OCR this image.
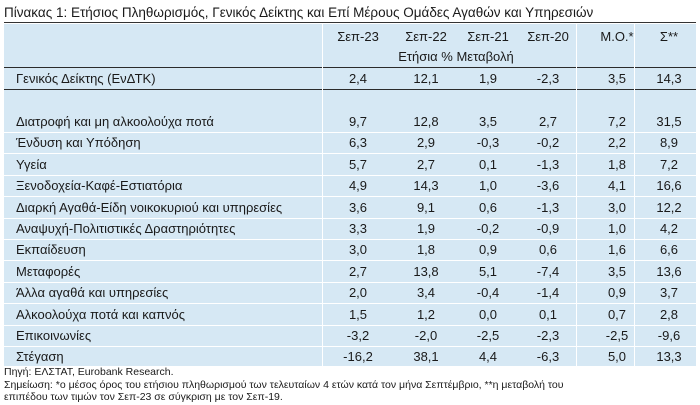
Πίνακας 1: Ετήσιος Πληθωρισμός, Γενικός Δείκτης και Επί Μέρους Ομάδες Αγαθών και Υπηρεσιών
Σεπ-23	Σεπ-22	Σεπ-21	Σεπ-20	Μ.Ο.*	Σ**
Ετήσια % Μεταβολή
Γενικός Δείκτης (ΕνΔΤΚ)	2,4	12,1	1,9	-2,3	3,5	14,3
Διατροφή και μη αλκοολούχα ποτά	9,7	12,8	3,5	2,7	7,2	31,5
Ένδυση και Υπόδηση	6,3	2,9	-0,3	-0,2	2,2	8,9
Υγεία	5,7	2,7	0,1	-1,3	1,8	7,2
Ξενοδοχεία-Καφέ-Εστιατόρια	4,9	14,3	1,0	-3,6	4,1	16,6
Διαρκή Αγαθά-Είδη νοικοκυριού και υπηρεσίες	3,6	9,1	0,6	-1,3	3,0	12,2
Αναψυχή-Πολιτιστικές Δραστηριότητες	3,3	1,9	-0,2	-0,9	1,0	4,2
Εκπαίδευση	3,0	1,8	0,9	0,6	1,6	6,6
Μεταφορές	2,7	13,8	5,1	-7,4	3,5	13,6
Άλλα αγαθά και υπηρεσίες	2,0	3,4	-0,4	-1,4	0,9	3,7
Αλκοολούχα ποτά και καπνός	1,5	1,2	0,0	0,1	0,7	2,8
Επικοινωνίες	-3,2	-2,0	-2,5	-2,3	-2,5	-9,6
Στέγαση	-16,2	38,1	4,4	-6,3	5,0	13,3
Πηγή: ΕΛΣΤΑΤ, Eurobank Research.
Σημείωση: *ο μέσος όρος του ετήσιου πληθωρισμού των τελευταίων 4 ετών κατά τον μήνα Σεπτέμβριο, **η μεταβολή του
επιπέδου των τιμών τον Σεπ-23 σε σύγκριση με τον Σεπ-19.
